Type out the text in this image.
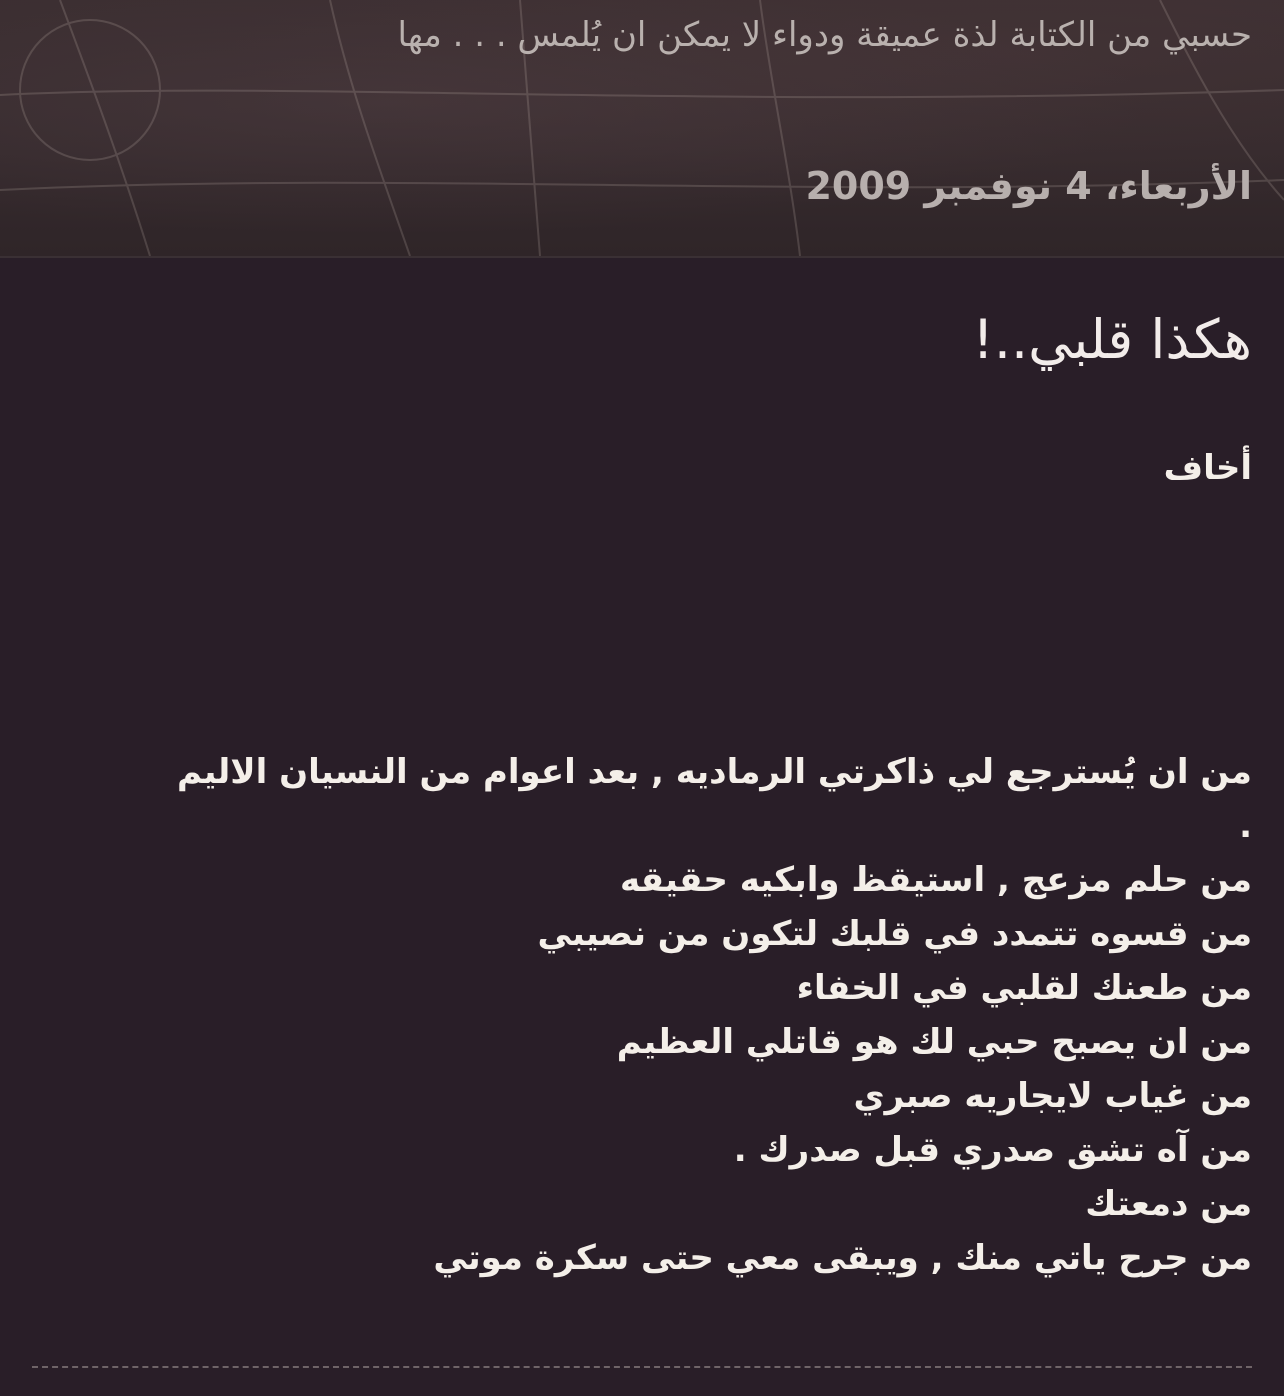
حسبي من الكتابة لذة عميقة ودواء لا يمكن ان يُلمس . . . مها

الأربعاء، 4 نوفمبر 2009
هكذا قلبي..!

أخاف

من ان يُسترجع لي ذاكرتي الرماديه , بعد اعوام من النسيان الاليم
.
من حلم مزعج , استيقظ وابكيه حقيقه
من قسوه تتمدد في قلبك لتكون من نصيبي
من طعنك لقلبي في الخفاء
من ان يصبح حبي لك هو قاتلي العظيم
من غياب لايجاريه صبري
من آه تشق صدري قبل صدرك .
من دمعتك
من جرح ياتي منك , ويبقى معي حتى سكرة موتي
